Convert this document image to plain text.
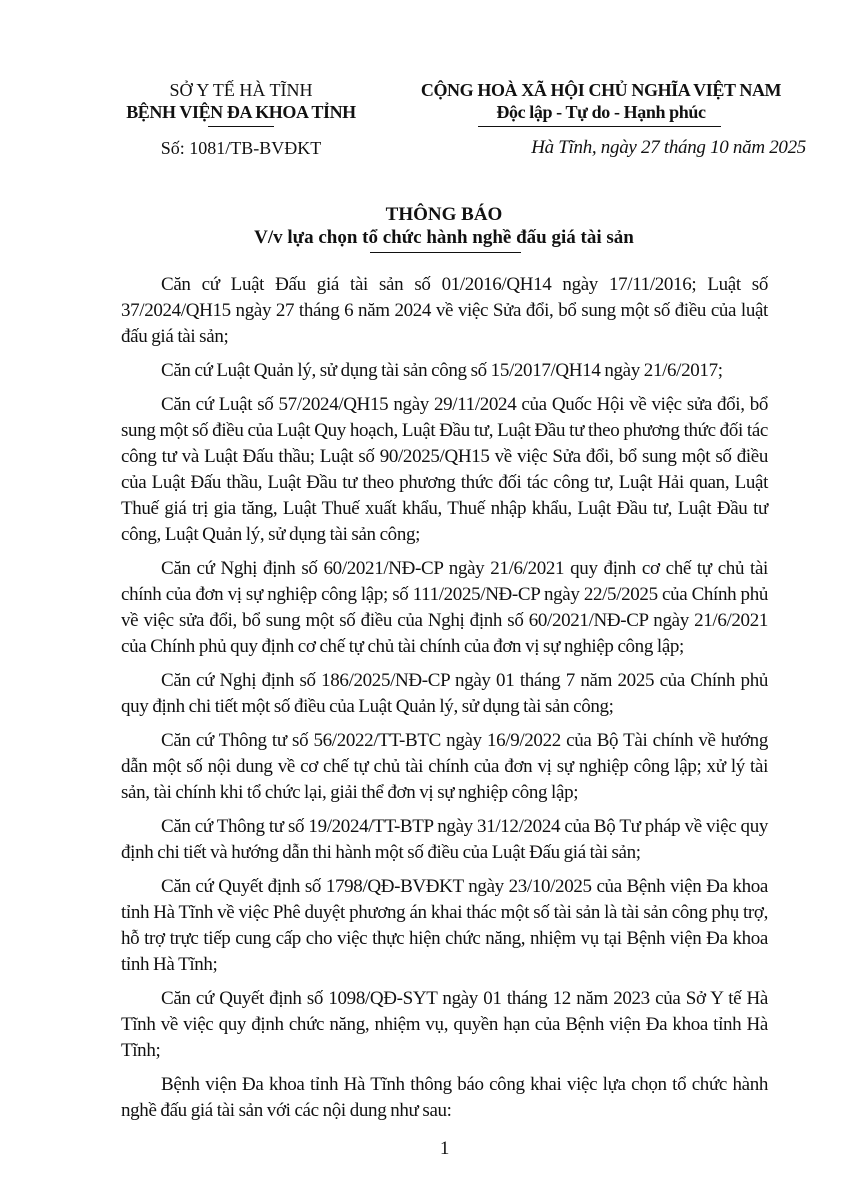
SỞ Y TẾ HÀ TĨNH
BỆNH VIỆN ĐA KHOA TỈNH
Số: 1081/TB-BVĐKT
CỘNG HOÀ XÃ HỘI CHỦ NGHĨA VIỆT NAM
Độc lập - Tự do - Hạnh phúc
Hà Tĩnh, ngày 27 tháng 10 năm 2025
THÔNG BÁO
V/v lựa chọn tổ chức hành nghề đấu giá tài sản

Căn cứ Luật Đấu giá tài sản số 01/2016/QH14 ngày 17/11/2016; Luật số 37/2024/QH15 ngày 27 tháng 6 năm 2024 về việc Sửa đổi, bổ sung một số điều của luật đấu giá tài sản;

Căn cứ Luật Quản lý, sử dụng tài sản công số 15/2017/QH14 ngày 21/6/2017;

Căn cứ Luật số 57/2024/QH15 ngày 29/11/2024 của Quốc Hội về việc sửa đổi, bổ sung một số điều của Luật Quy hoạch, Luật Đầu tư, Luật Đầu tư theo phương thức đối tác công tư và Luật Đấu thầu; Luật số 90/2025/QH15 về việc Sửa đổi, bổ sung một số điều của Luật Đấu thầu, Luật Đầu tư theo phương thức đối tác công tư, Luật Hải quan, Luật Thuế giá trị gia tăng, Luật Thuế xuất khẩu, Thuế nhập khẩu, Luật Đầu tư, Luật Đầu tư công, Luật Quản lý, sử dụng tài sản công;

Căn cứ Nghị định số 60/2021/NĐ-CP ngày 21/6/2021 quy định cơ chế tự chủ tài chính của đơn vị sự nghiệp công lập; số 111/2025/NĐ-CP ngày 22/5/2025 của Chính phủ về việc sửa đổi, bổ sung một số điều của Nghị định số 60/2021/NĐ-CP ngày 21/6/2021 của Chính phủ quy định cơ chế tự chủ tài chính của đơn vị sự nghiệp công lập;

Căn cứ Nghị định số 186/2025/NĐ-CP ngày 01 tháng 7 năm 2025 của Chính phủ quy định chi tiết một số điều của Luật Quản lý, sử dụng tài sản công;

Căn cứ Thông tư số 56/2022/TT-BTC ngày 16/9/2022 của Bộ Tài chính về hướng dẫn một số nội dung về cơ chế tự chủ tài chính của đơn vị sự nghiệp công lập; xử lý tài sản, tài chính khi tổ chức lại, giải thể đơn vị sự nghiệp công lập;

Căn cứ Thông tư số 19/2024/TT-BTP ngày 31/12/2024 của Bộ Tư pháp về việc quy định chi tiết và hướng dẫn thi hành một số điều của Luật Đấu giá tài sản;

Căn cứ Quyết định số 1798/QĐ-BVĐKT ngày 23/10/2025 của Bệnh viện Đa khoa tỉnh Hà Tĩnh về việc Phê duyệt phương án khai thác một số tài sản là tài sản công phụ trợ, hỗ trợ trực tiếp cung cấp cho việc thực hiện chức năng, nhiệm vụ tại Bệnh viện Đa khoa tỉnh Hà Tĩnh;

Căn cứ Quyết định số 1098/QĐ-SYT ngày 01 tháng 12 năm 2023 của Sở Y tế Hà Tĩnh về việc quy định chức năng, nhiệm vụ, quyền hạn của Bệnh viện Đa khoa tỉnh Hà Tĩnh;

Bệnh viện Đa khoa tỉnh Hà Tĩnh thông báo công khai việc lựa chọn tổ chức hành nghề đấu giá tài sản với các nội dung như sau:

1
